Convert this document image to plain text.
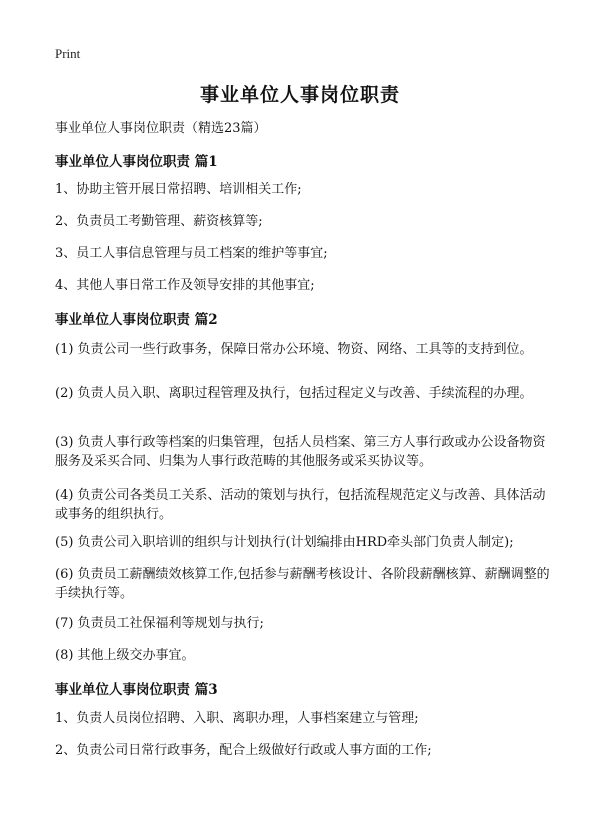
Print
事业单位人事岗位职责
事业单位人事岗位职责（精选23篇）
事业单位人事岗位职责 篇1
1、协助主管开展日常招聘、培训相关工作;
2、负责员工考勤管理、薪资核算等;
3、员工人事信息管理与员工档案的维护等事宜;
4、其他人事日常工作及领导安排的其他事宜;
事业单位人事岗位职责 篇2
(1) 负责公司一些行政事务，保障日常办公环境、物资、网络、工具等的支持到位。
(2) 负责人员入职、离职过程管理及执行，包括过程定义与改善、手续流程的办理。
(3) 负责人事行政等档案的归集管理，包括人员档案、第三方人事行政或办公设备物资服务及采买合同、归集为人事行政范畴的其他服务或采买协议等。
(4) 负责公司各类员工关系、活动的策划与执行，包括流程规范定义与改善、具体活动或事务的组织执行。
(5) 负责公司入职培训的组织与计划执行(计划编排由HRD牵头部门负责人制定);
(6) 负责员工薪酬绩效核算工作,包括参与薪酬考核设计、各阶段薪酬核算、薪酬调整的手续执行等。
(7) 负责员工社保福利等规划与执行;
(8) 其他上级交办事宜。
事业单位人事岗位职责 篇3
1、负责人员岗位招聘、入职、离职办理，人事档案建立与管理;
2、负责公司日常行政事务，配合上级做好行政或人事方面的工作;
